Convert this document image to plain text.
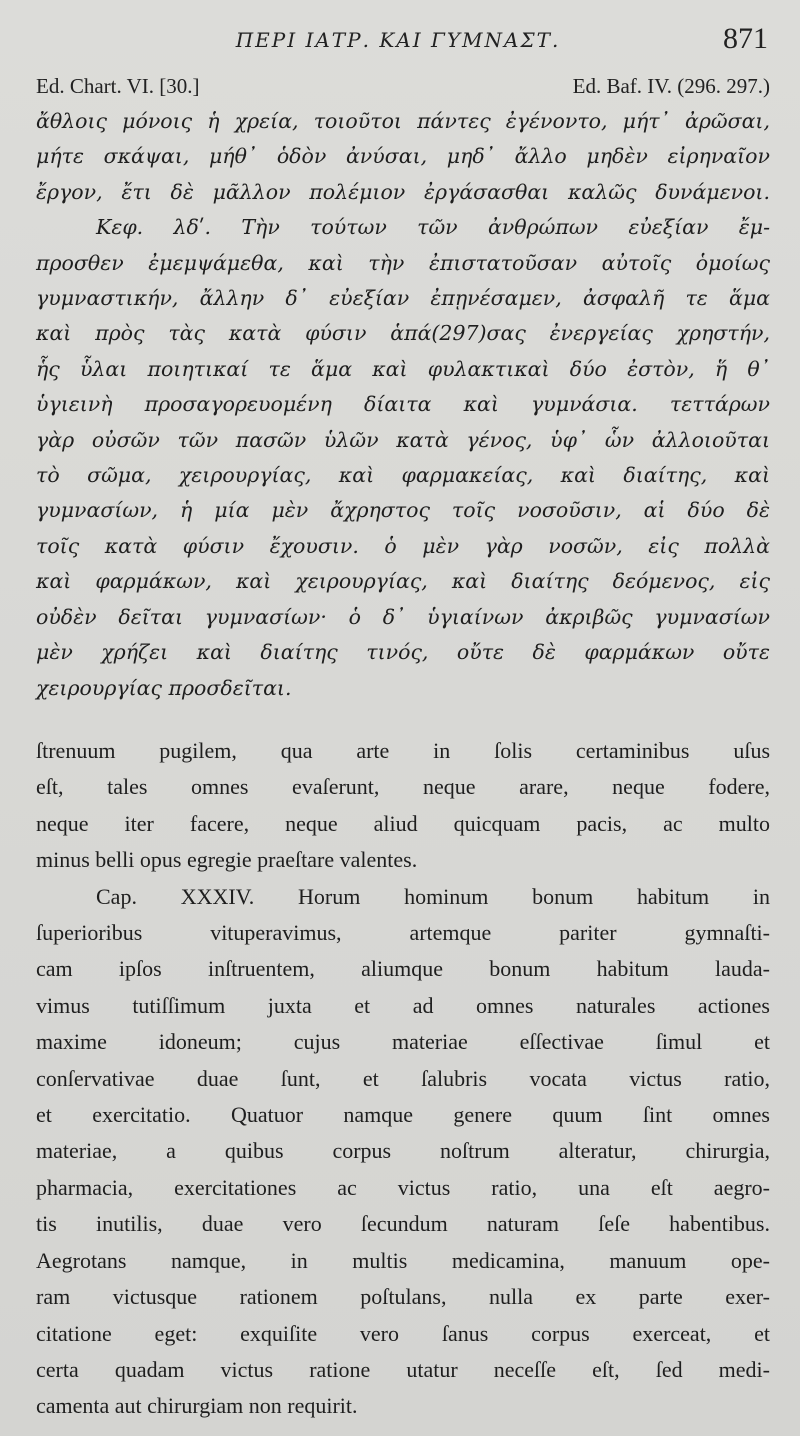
ΠΕΡΙ ΙΑΤΡ. ΚΑΙ ΓΥΜΝΑΣΤ.	871
Ed. Chart. VI. [30.]	Ed. Baf. IV. (296. 297.)
ἄθλοις μόνοις ἡ χρεία, τοιοῦτοι πάντες ἐγένοντο, μήτ᾽ ἀρῶσαι,
μήτε σκάψαι, μήθ᾽ ὁδὸν ἀνύσαι, μηδ᾽ ἄλλο μηδὲν εἰρηναῖον
ἔργον, ἔτι δὲ μᾶλλον πολέμιον ἐργάσασθαι καλῶς δυνάμενοι.
Κεφ. λδʹ. Τὴν τούτων τῶν ἀνθρώπων εὐεξίαν ἔμ-
προσθεν ἐμεμψάμεθα, καὶ τὴν ἐπιστατοῦσαν αὐτοῖς ὁμοίως
γυμναστικήν, ἄλλην δ᾽ εὐεξίαν ἐπῃνέσαμεν, ἀσφαλῆ τε ἅμα
καὶ πρὸς τὰς κατὰ φύσιν ἁπά(297)σας ἐνεργείας χρηστήν,
ἧς ὗλαι ποιητικαί τε ἅμα καὶ φυλακτικαὶ δύο ἐστὸν, ἥ θ᾽
ὑγιεινὴ προσαγορευομένη δίαιτα καὶ γυμνάσια. τεττάρων
γὰρ οὐσῶν τῶν πασῶν ὑλῶν κατὰ γένος, ὑφ᾽ ὧν ἀλλοιοῦται
τὸ σῶμα, χειρουργίας, καὶ φαρμακείας, καὶ διαίτης, καὶ
γυμνασίων, ἡ μία μὲν ἄχρηστος τοῖς νοσοῦσιν, αἱ δύο δὲ
τοῖς κατὰ φύσιν ἔχουσιν. ὁ μὲν γὰρ νοσῶν, εἰς πολλὰ
καὶ φαρμάκων, καὶ χειρουργίας, καὶ διαίτης δεόμενος, εἰς
οὐδὲν δεῖται γυμνασίων· ὁ δ᾽ ὑγιαίνων ἀκριβῶς γυμνασίων
μὲν χρήζει καὶ διαίτης τινός, οὔτε δὲ φαρμάκων οὔτε
χειρουργίας προσδεῖται.
ſtrenuum pugilem, qua arte in ſolis certaminibus uſus
eſt, tales omnes evaſerunt, neque arare, neque fodere,
neque iter facere, neque aliud quicquam pacis, ac multo
minus belli opus egregie praeſtare valentes.
Cap. XXXIV. Horum hominum bonum habitum in
ſuperioribus vituperavimus, artemque pariter gymnaſti-
cam ipſos inſtruentem, aliumque bonum habitum lauda-
vimus tutiſſimum juxta et ad omnes naturales actiones
maxime idoneum; cujus materiae eſſectivae ſimul et
conſervativae duae ſunt, et ſalubris vocata victus ratio,
et exercitatio. Quatuor namque genere quum ſint omnes
materiae, a quibus corpus noſtrum alteratur, chirurgia,
pharmacia, exercitationes ac victus ratio, una eſt aegro-
tis inutilis, duae vero ſecundum naturam ſeſe habentibus.
Aegrotans namque, in multis medicamina, manuum ope-
ram victusque rationem poſtulans, nulla ex parte exer-
citatione eget: exquiſite vero ſanus corpus exerceat, et
certa quadam victus ratione utatur neceſſe eſt, ſed medi-
camenta aut chirurgiam non requirit.
